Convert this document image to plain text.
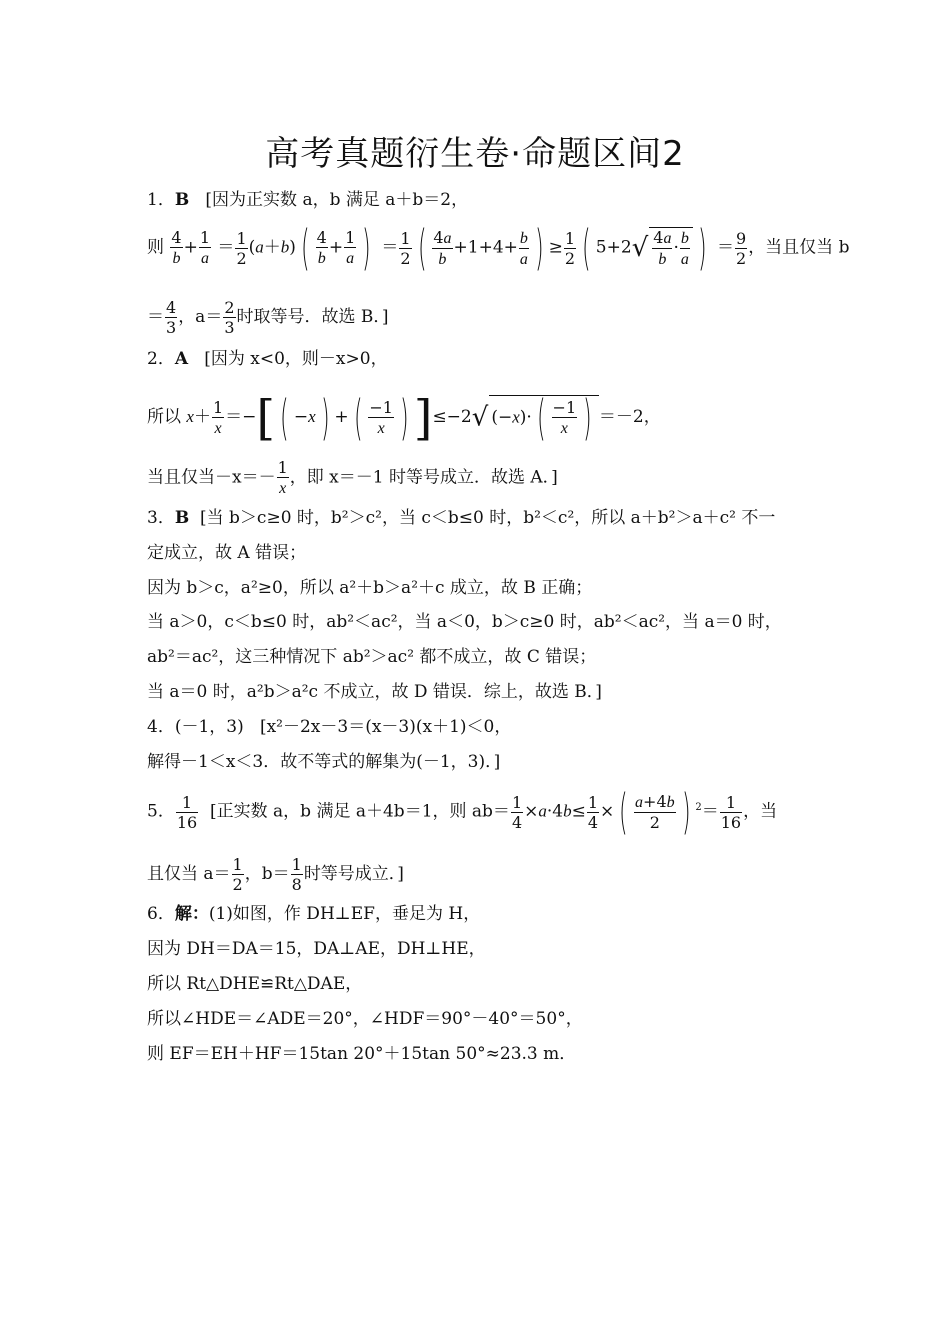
高考真题衍生卷·命题区间2
1．B [因为正实数 a，b 满足 a＋b＝2，
则 $\frac{4}{b} + \frac{1}{a} = \frac{1}{2} (a+b)$ ( $\frac{4}{b} + \frac{1}{a}$ ) ＝ $\frac{1}{2}$ ( $\frac{4a}{b} +1+4+ \frac{b}{a}$ ) ≥ $\frac{1}{2}$ ( $5+2√ \frac{4a}{b} \cdot \frac{b}{a}$ ) ＝ $\frac{9}{2}$ ，当且仅当 b
＝ $\frac{4}{3}$ ，$a= \frac{2}{3}$ 时取等号．故选 B．]
2．A [因为 x<0，则－x>0，
所以 $x+ \frac{1}{x}$ ＝−[ ( −x ) + ( $\frac{-1}{x}$ ) ]≤−2√ (−x)· ( $\frac{-1}{x}$ ) ＝－2，
当且仅当$-x=- \frac{1}{x}$ ，即 x＝－1 时等号成立．故选 A．]
3．B [当 b＞c≥0 时，b²＞c²，当 c＜b≤0 时，b²＜c²，所以 a＋b²＞a＋c² 不一
定成立，故 A 错误；
因为 b＞c，a²≥0，所以 a²＋b＞a²＋c 成立，故 B 正确；
当 a＞0，c＜b≤0 时，ab²＜ac²，当 a＜0，b＞c≥0 时，ab²＜ac²，当 a＝0 时，
ab²＝ac²，这三种情况下 ab²＞ac² 都不成立，故 C 错误；
当 a＝0 时，a²b＞a²c 不成立，故 D 错误．综上，故选 B．]
4．(－1，3) [x²－2x－3＝(x－3)(x＋1)＜0，
解得－1＜x＜3．故不等式的解集为(－1，3)．]
5． $\frac{1}{16}$ [正实数 a，b 满足 a＋4b＝1，则 $ab= \frac{1}{4} \times a\cdot 4b\le \frac{1}{4}$ × ( $\frac{a+4b}{2}$ ) $^2= \frac{1}{16}$ ，当
且仅当 $a= \frac{1}{2}$ ，$b= \frac{1}{8}$ 时等号成立．]
6．解：(1)如图，作 DH⊥EF，垂足为 H，
因为 DH＝DA＝15，DA⊥AE，DH⊥HE，
所以 Rt△DHE≌Rt△DAE，
所以∠HDE＝∠ADE＝20°，∠HDF＝90°－40°＝50°，
则 EF＝EH＋HF＝15tan 20°＋15tan 50°≈23.3 m．
